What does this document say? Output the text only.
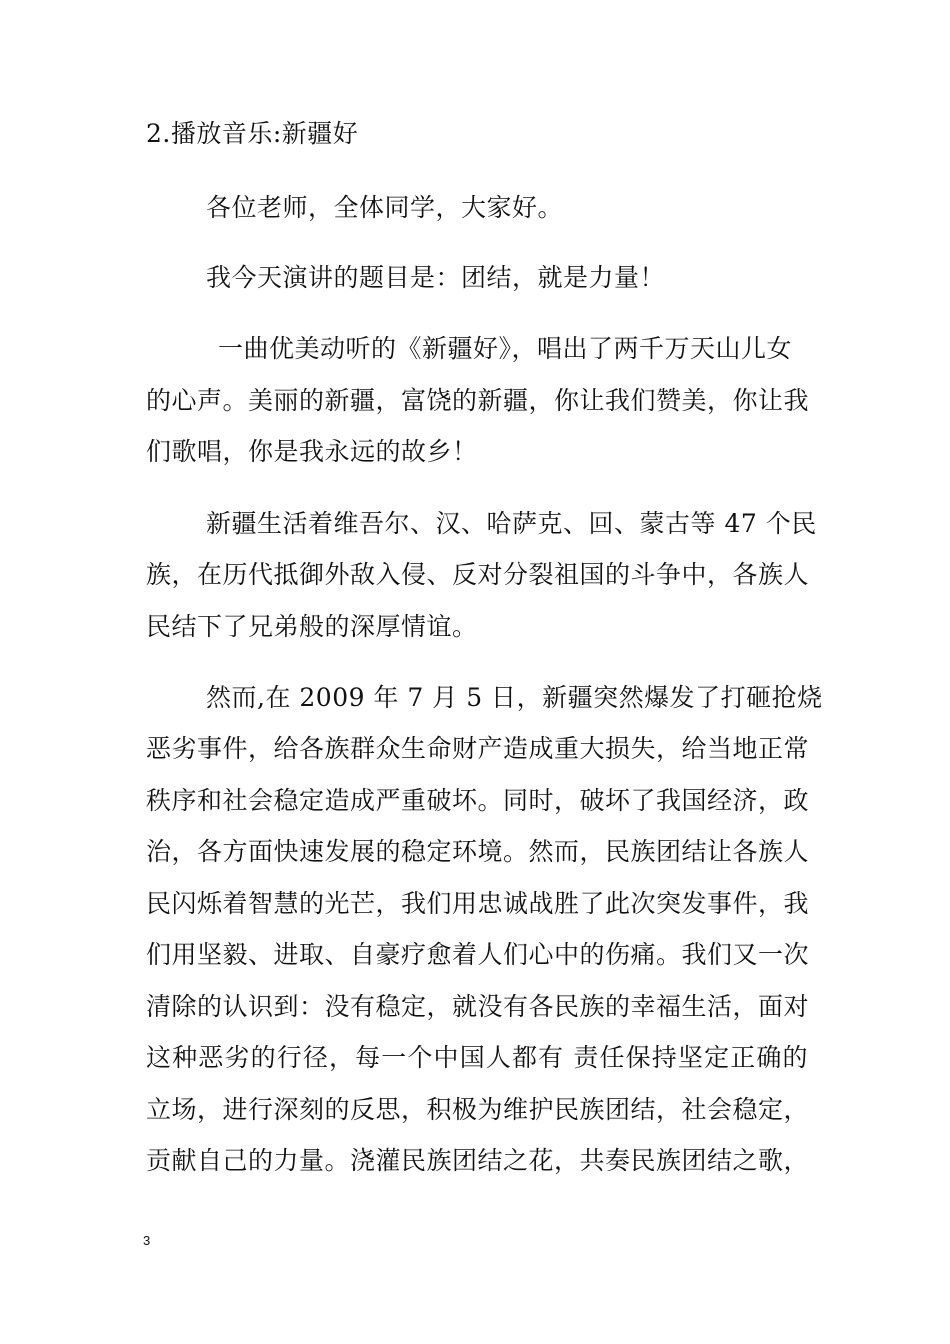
2.播放音乐:新疆好
各位老师，全体同学，大家好。
我今天演讲的题目是：团结，就是力量！
一曲优美动听的《新疆好》，唱出了两千万天山儿女
的心声。美丽的新疆，富饶的新疆，你让我们赞美，你让我
们歌唱，你是我永远的故乡！
新疆生活着维吾尔、汉、哈萨克、回、蒙古等 47 个民
族，在历代抵御外敌入侵、反对分裂祖国的斗争中，各族人
民结下了兄弟般的深厚情谊。
然而,在 2009 年 7 月 5 日，新疆突然爆发了打砸抢烧
恶劣事件，给各族群众生命财产造成重大损失，给当地正常
秩序和社会稳定造成严重破坏。同时，破坏了我国经济，政
治，各方面快速发展的稳定环境。然而，民族团结让各族人
民闪烁着智慧的光芒，我们用忠诚战胜了此次突发事件，我
们用坚毅、进取、自豪疗愈着人们心中的伤痛。我们又一次
清除的认识到：没有稳定，就没有各民族的幸福生活，面对
这种恶劣的行径，每一个中国人都有 责任保持坚定正确的
立场，进行深刻的反思，积极为维护民族团结，社会稳定，
贡献自己的力量。浇灌民族团结之花，共奏民族团结之歌，
3
